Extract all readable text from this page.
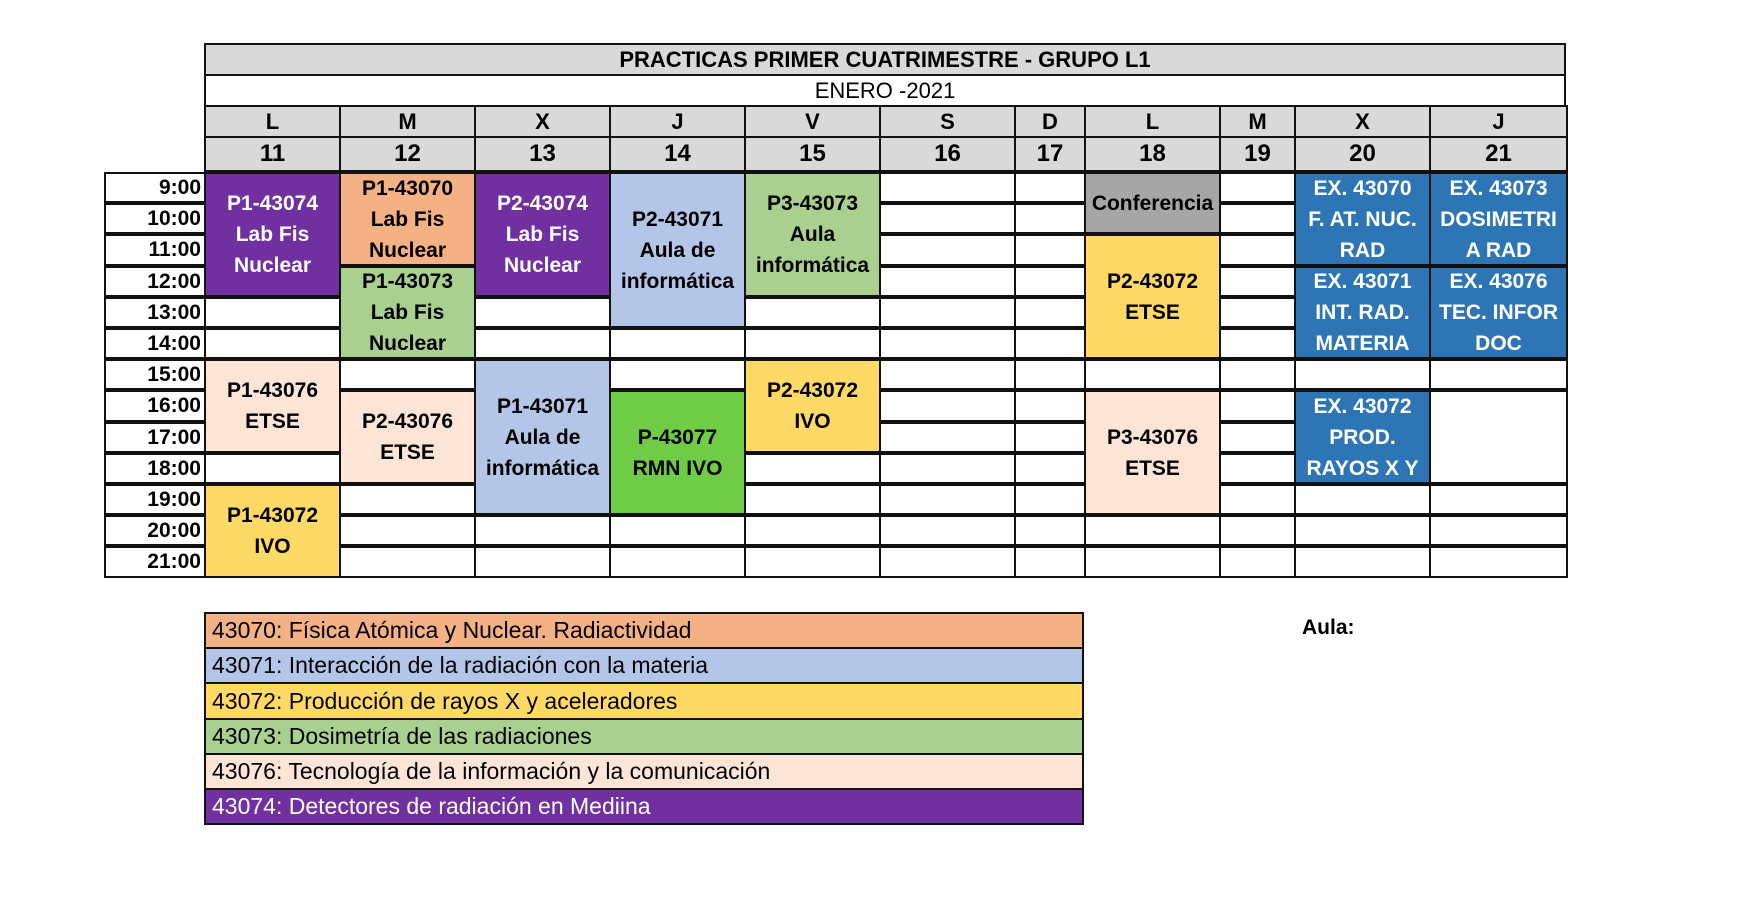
PRACTICAS PRIMER CUATRIMESTRE - GRUPO L1
ENERO -2021
L
11
M
12
X
13
J
14
V
15
S
16
D
17
L
18
M
19
X
20
J
21
9:00
10:00
11:00
12:00
13:00
14:00
15:00
16:00
17:00
18:00
19:00
20:00
21:00
P1-43074
Lab Fis
Nuclear
P1-43076
ETSE
P1-43072
IVO
P1-43070
Lab Fis
Nuclear
P1-43073
Lab Fis
Nuclear
P2-43076
ETSE
P2-43074
Lab Fis
Nuclear
P1-43071
Aula de
informática
P2-43071
Aula de
informática
P-43077
RMN IVO
P3-43073
Aula
informática
P2-43072
IVO
Conferencia
P2-43072
ETSE
P3-43076
ETSE
EX. 43070
F. AT. NUC.
RAD
EX. 43071
INT. RAD.
MATERIA
EX. 43072
PROD.
RAYOS X Y
EX. 43073
DOSIMETRI
A RAD
EX. 43076
TEC. INFOR
DOC
43070: Física Atómica y Nuclear. Radiactividad
43071: Interacción de la radiación con la materia
43072: Producción de rayos X y aceleradores
43073: Dosimetría de las radiaciones
43076: Tecnología de la información y la comunicación
43074: Detectores de radiación en Mediina
Aula:
